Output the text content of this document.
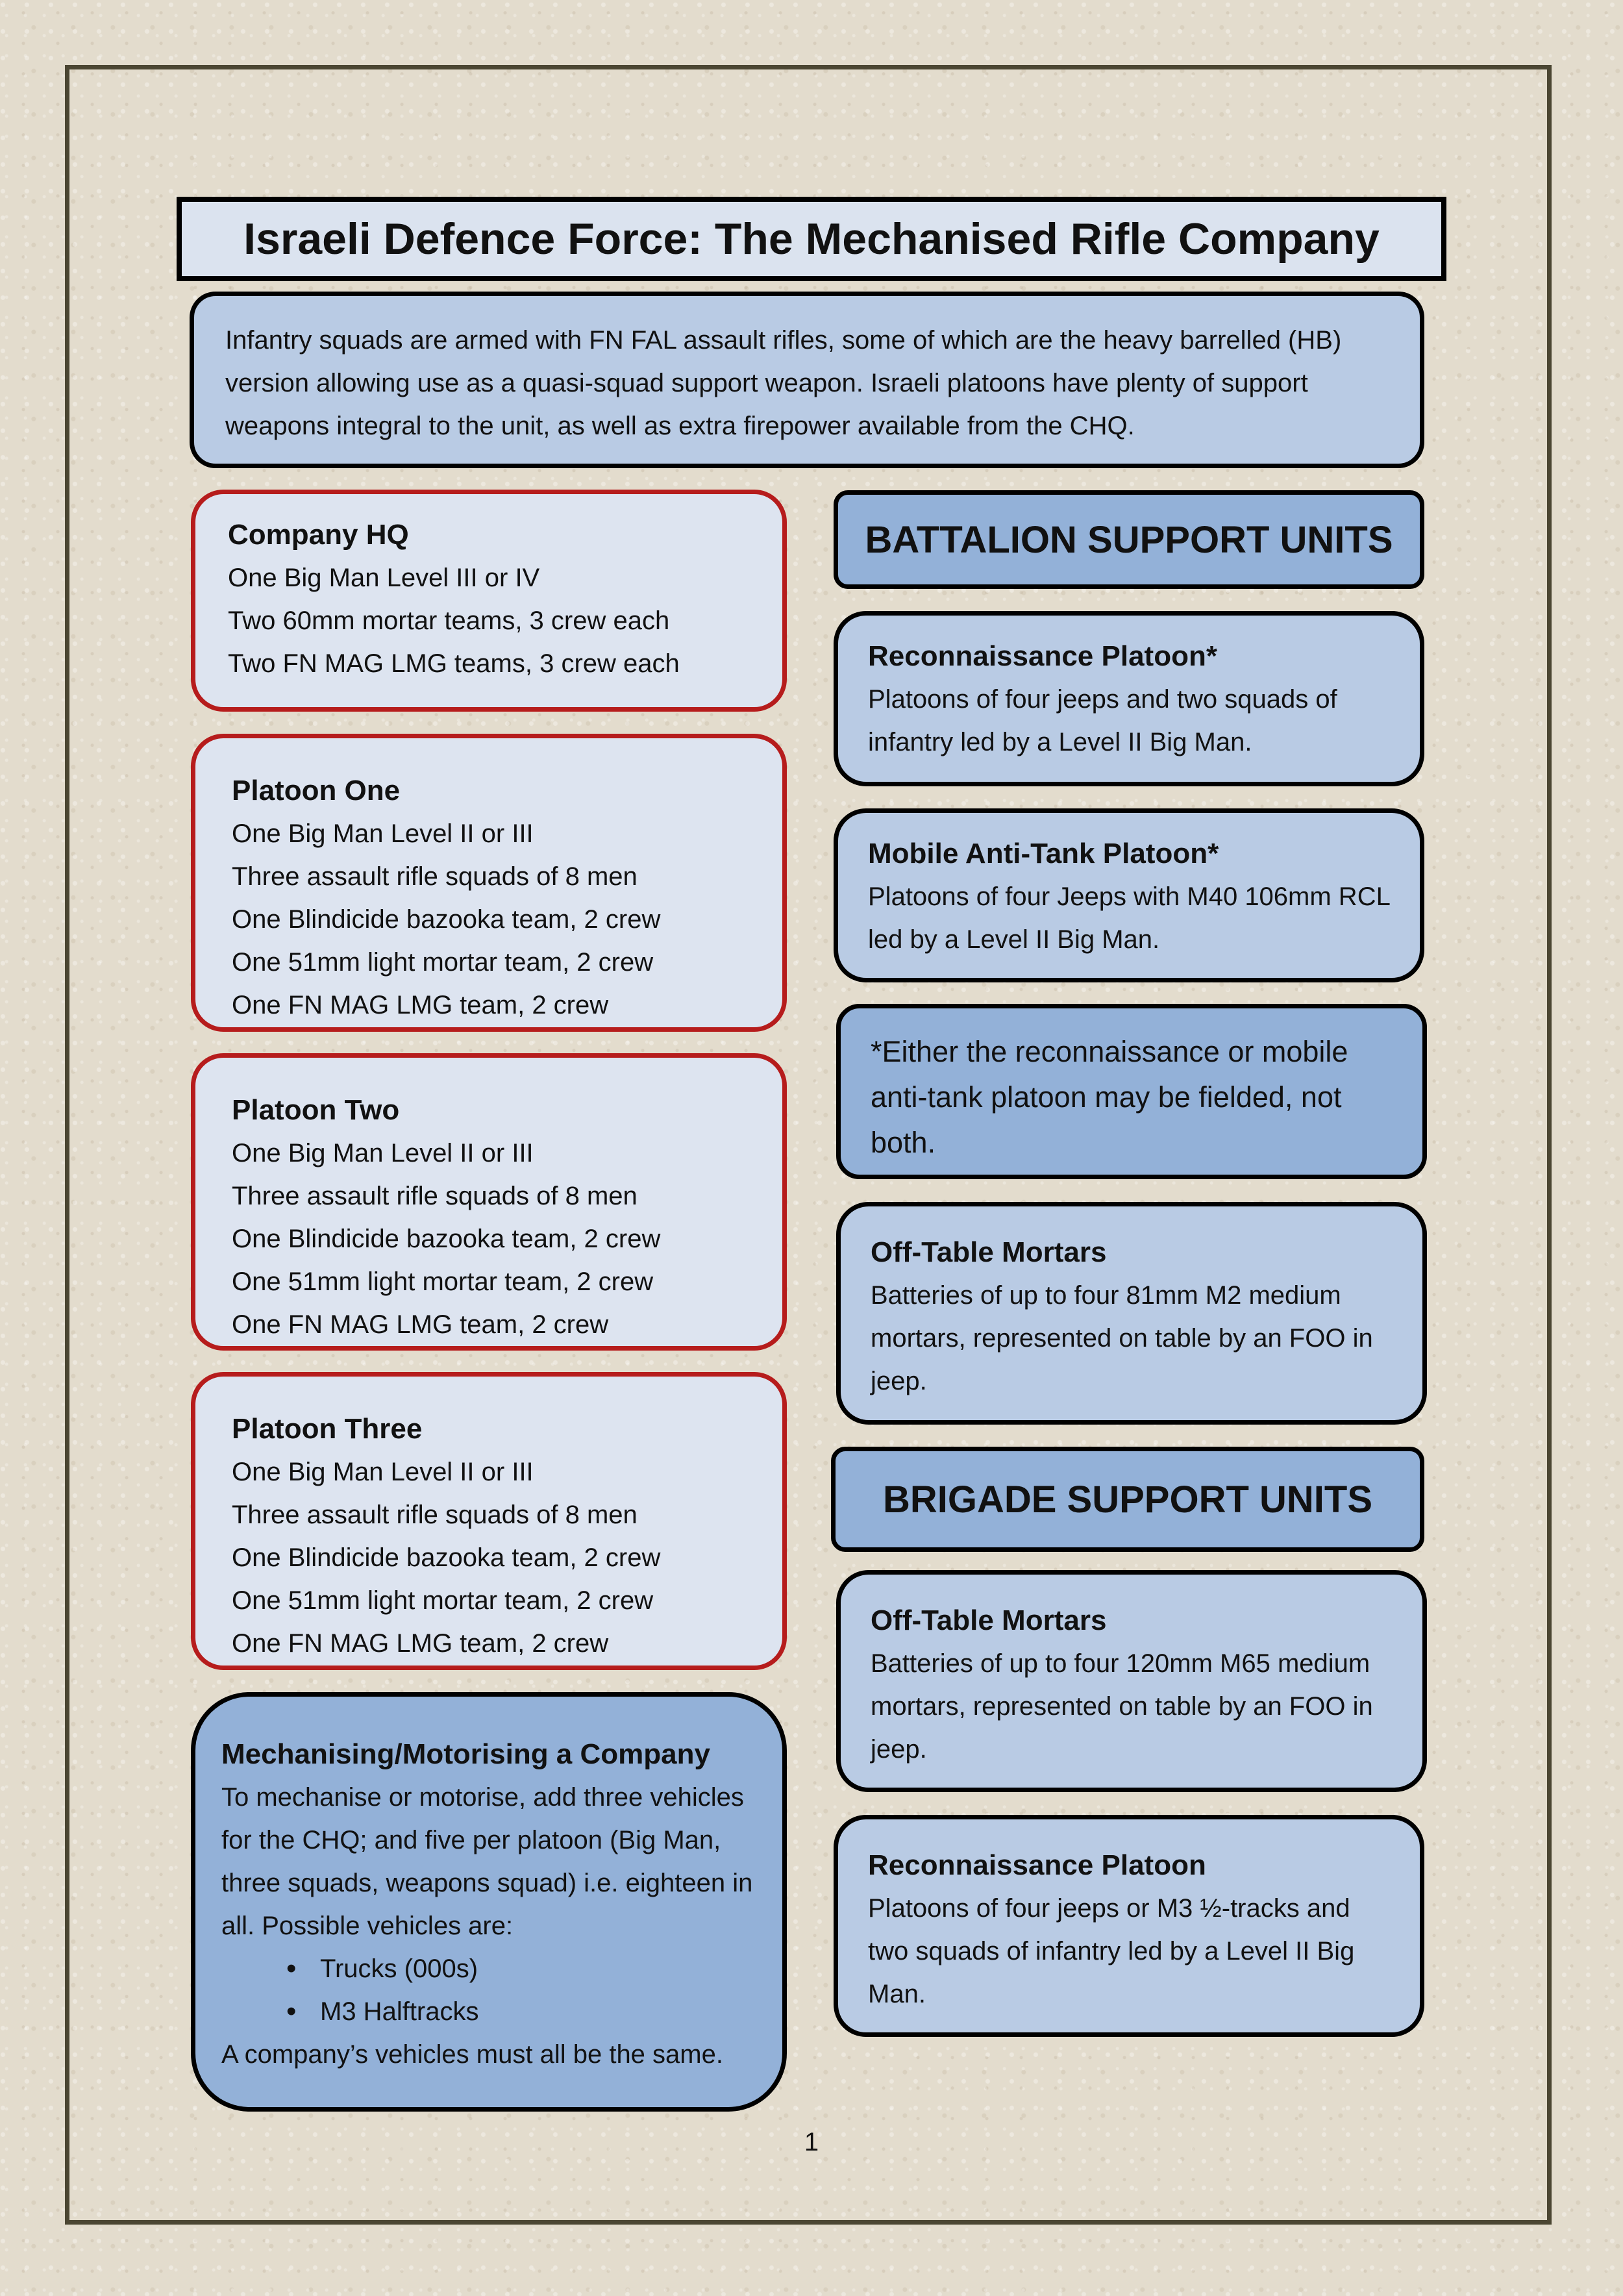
Israeli Defence Force: The Mechanised Rifle Company

Infantry squads are armed with FN FAL assault rifles, some of which are the heavy barrelled (HB) version allowing use as a quasi-squad support weapon. Israeli platoons have plenty of support weapons integral to the unit, as well as extra firepower available from the CHQ.

Company HQ

One Big Man Level III or IV

Two 60mm mortar teams, 3 crew each

Two FN MAG LMG teams, 3 crew each

Platoon One

One Big Man Level II or III

Three assault rifle squads of 8 men

One Blindicide bazooka team, 2 crew

One 51mm light mortar team, 2 crew

One FN MAG LMG team, 2 crew

Platoon Two

One Big Man Level II or III

Three assault rifle squads of 8 men

One Blindicide bazooka team, 2 crew

One 51mm light mortar team, 2 crew

One FN MAG LMG team, 2 crew

Platoon Three

One Big Man Level II or III

Three assault rifle squads of 8 men

One Blindicide bazooka team, 2 crew

One 51mm light mortar team, 2 crew

One FN MAG LMG team, 2 crew

Mechanising/Motorising a Company

To mechanise or motorise, add three vehicles for the CHQ; and five per platoon (Big Man, three squads, weapons squad) i.e. eighteen in all. Possible vehicles are:

• Trucks (000s)
• M3 Halftracks

A company’s vehicles must all be the same.

BATTALION SUPPORT UNITS

Reconnaissance Platoon*

Platoons of four jeeps and two squads of infantry led by a Level II Big Man.

Mobile Anti-Tank Platoon*

Platoons of four Jeeps with M40 106mm RCL led by a Level II Big Man.

*Either the reconnaissance or mobile anti-tank platoon may be fielded, not both.

Off-Table Mortars

Batteries of up to four 81mm M2 medium mortars, represented on table by an FOO in jeep.

BRIGADE SUPPORT UNITS

Off-Table Mortars

Batteries of up to four 120mm M65 medium mortars, represented on table by an FOO in jeep.

Reconnaissance Platoon

Platoons of four jeeps or M3 ½-tracks and two squads of infantry led by a Level II Big Man.

1
